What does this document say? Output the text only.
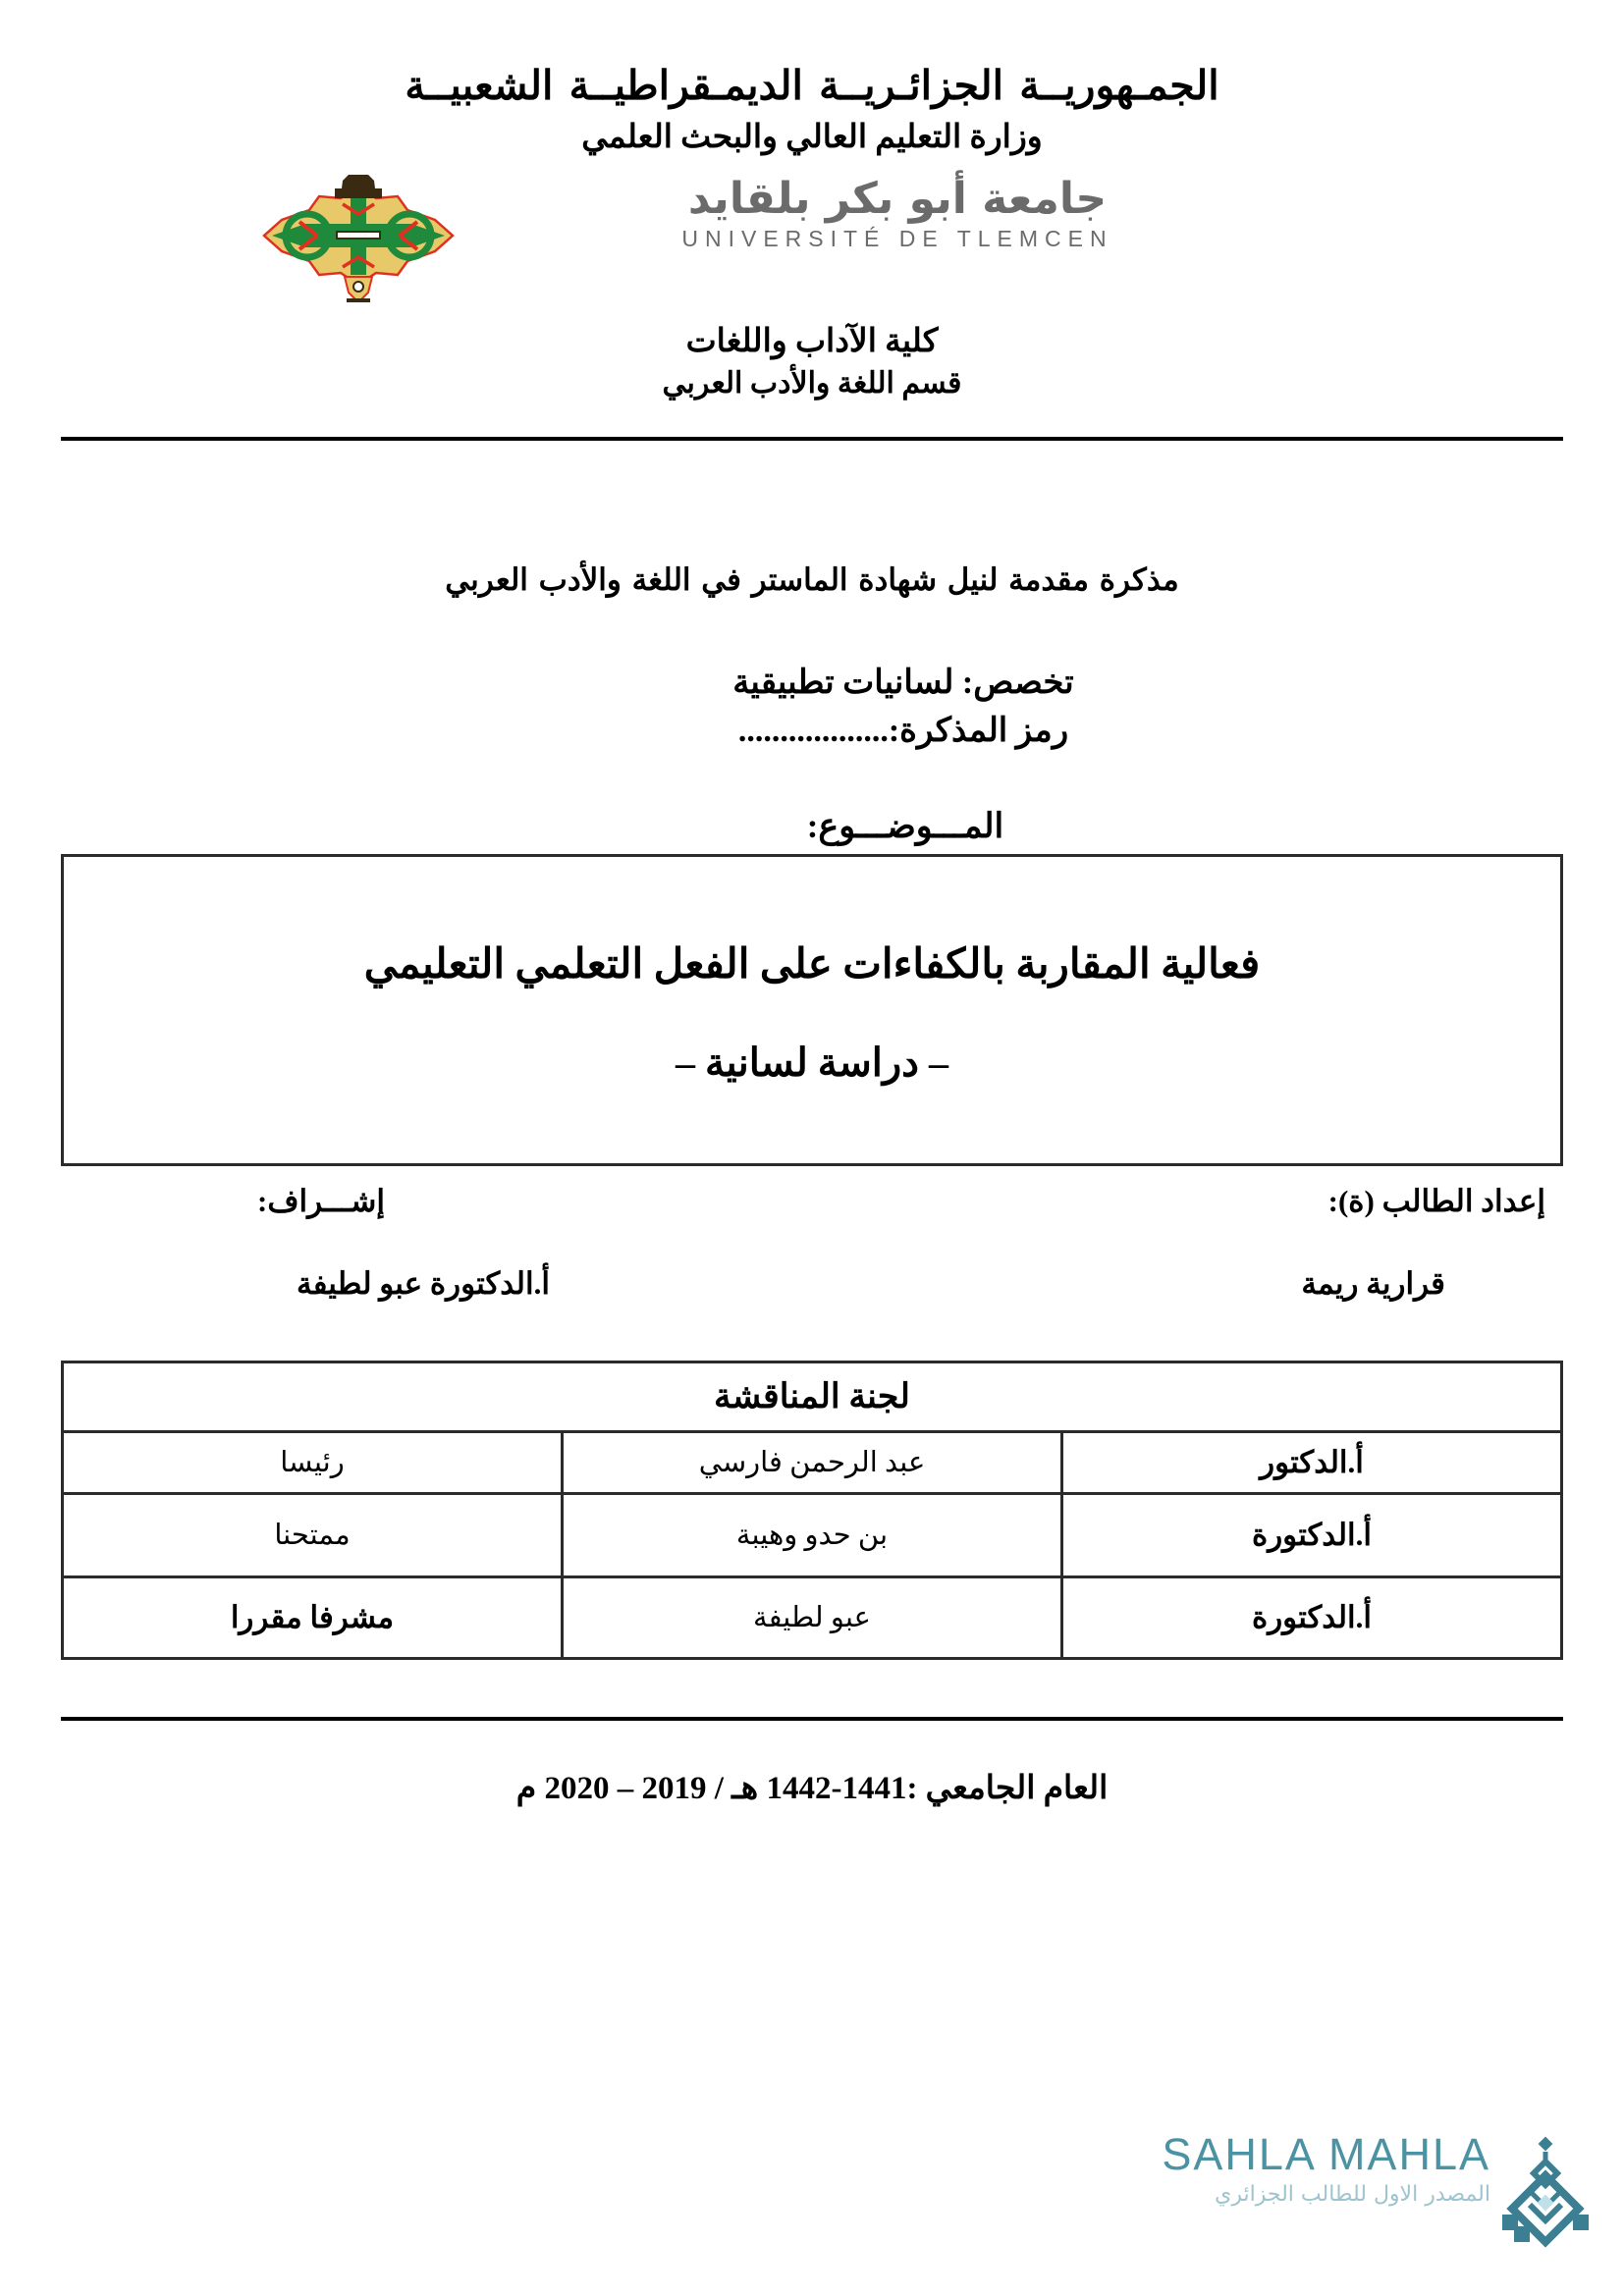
الجمـهوريــة الجزائـريــة الديمـقراطيــة الشعبيــة
وزارة التعليم العالي والبحث العلمي
جامعة أبو بكر بلقايد
UNIVERSITÉ DE TLEMCEN
كلية الآداب واللغات
قسم اللغة والأدب العربي
مذكرة مقدمة لنيل شهادة الماستر في اللغة والأدب العربي
تخصص: لسانيات تطبيقية
رمز المذكرة:..................
المـــوضـــوع:
فعالية المقاربة بالكفاءات على الفعل التعلمي التعليمي
– دراسة لسانية –
إعداد الطالب (ة):
إشـــراف:
قرارية ريمة
أ.الدكتورة عبو لطيفة
لجنة المناقشة		
أ.الدكتور	عبد الرحمن فارسي	رئيسا
أ.الدكتورة	بن حدو وهيبة	ممتحنا
أ.الدكتورة	عبو لطيفة	مشرفا مقررا
العام الجامعي :1441-1442 هـ / 2019 – 2020 م
SAHLA MAHLA
المصدر الاول للطالب الجزائري
